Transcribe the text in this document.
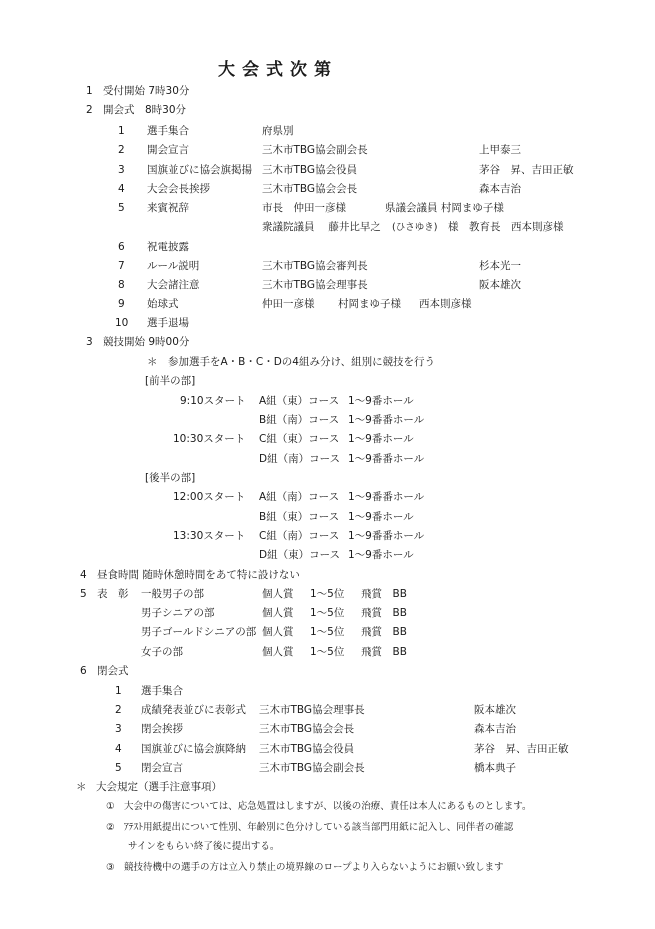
大会式次第
1 受付開始 7時30分
2 開会式　8時30分
1 選手集合	府県別
2 開会宣言	三木市TBG協会副会長	上甲泰三
3 国旗並びに協会旗掲揚 三木市TBG協会役員	茅谷　昇、吉田正敏
4 大会会長挨拶	三木市TBG協会会長	森本吉治
5 来賓祝辞	市長　仲田一彦様	県議会議員 村岡まゆ子様
衆議院議員　 藤井比早之 (ひさゆき) 様 教育長　西本則彦様
6 祝電披露
7 ルール説明	三木市TBG協会審判長	杉本光一
8 大会諸注意	三木市TBG協会理事長	阪本雄次
9 始球式	仲田一彦様 村岡まゆ子様 西本則彦様
10 選手退場
3 競技開始 9時00分
＊　参加選手をA・B・C・Dの4組み分け、組別に競技を行う
[前半の部]
9:10スタート A組（東）コース 1～9番ホール
B組（南）コース 1～9番番ホール
10:30スタート C組（東）コース 1～9番ホール
D組（南）コース 1～9番番ホール
[後半の部]
12:00スタート A組（南）コース 1～9番番ホール
B組（東）コース 1～9番ホール
13:30スタート C組（南）コース 1～9番番ホール
D組（東）コース 1～9番ホール
4 昼食時間 随時休憩時間をあて特に設けない
5 表　彰 一般男子の部	個人賞 1～5位 飛賞　BB
男子シニアの部	個人賞 1～5位 飛賞　BB
男子ゴールドシニアの部 個人賞 1～5位 飛賞　BB
女子の部	個人賞 1～5位 飛賞　BB
6 閉会式
1 選手集合
2 成績発表並びに表彰式 三木市TBG協会理事長	阪本雄次
3 閉会挨拶	三木市TBG協会会長	森本吉治
4 国旗並びに協会旗降納 三木市TBG協会役員	茅谷　昇、吉田正敏
5 閉会宣言	三木市TBG協会副会長	橋本典子
＊ 大会規定（選手注意事項）
① 大会中の傷害については、応急処置はしますが、以後の治療、責任は本人にあるものとします。
② ｱﾃｽﾄ用紙提出について性別、年齢別に色分けしている該当部門用紙に記入し、同伴者の確認
サインをもらい終了後に提出する。
③ 競技待機中の選手の方は立入り禁止の境界線のロープより入らないようにお願い致します
